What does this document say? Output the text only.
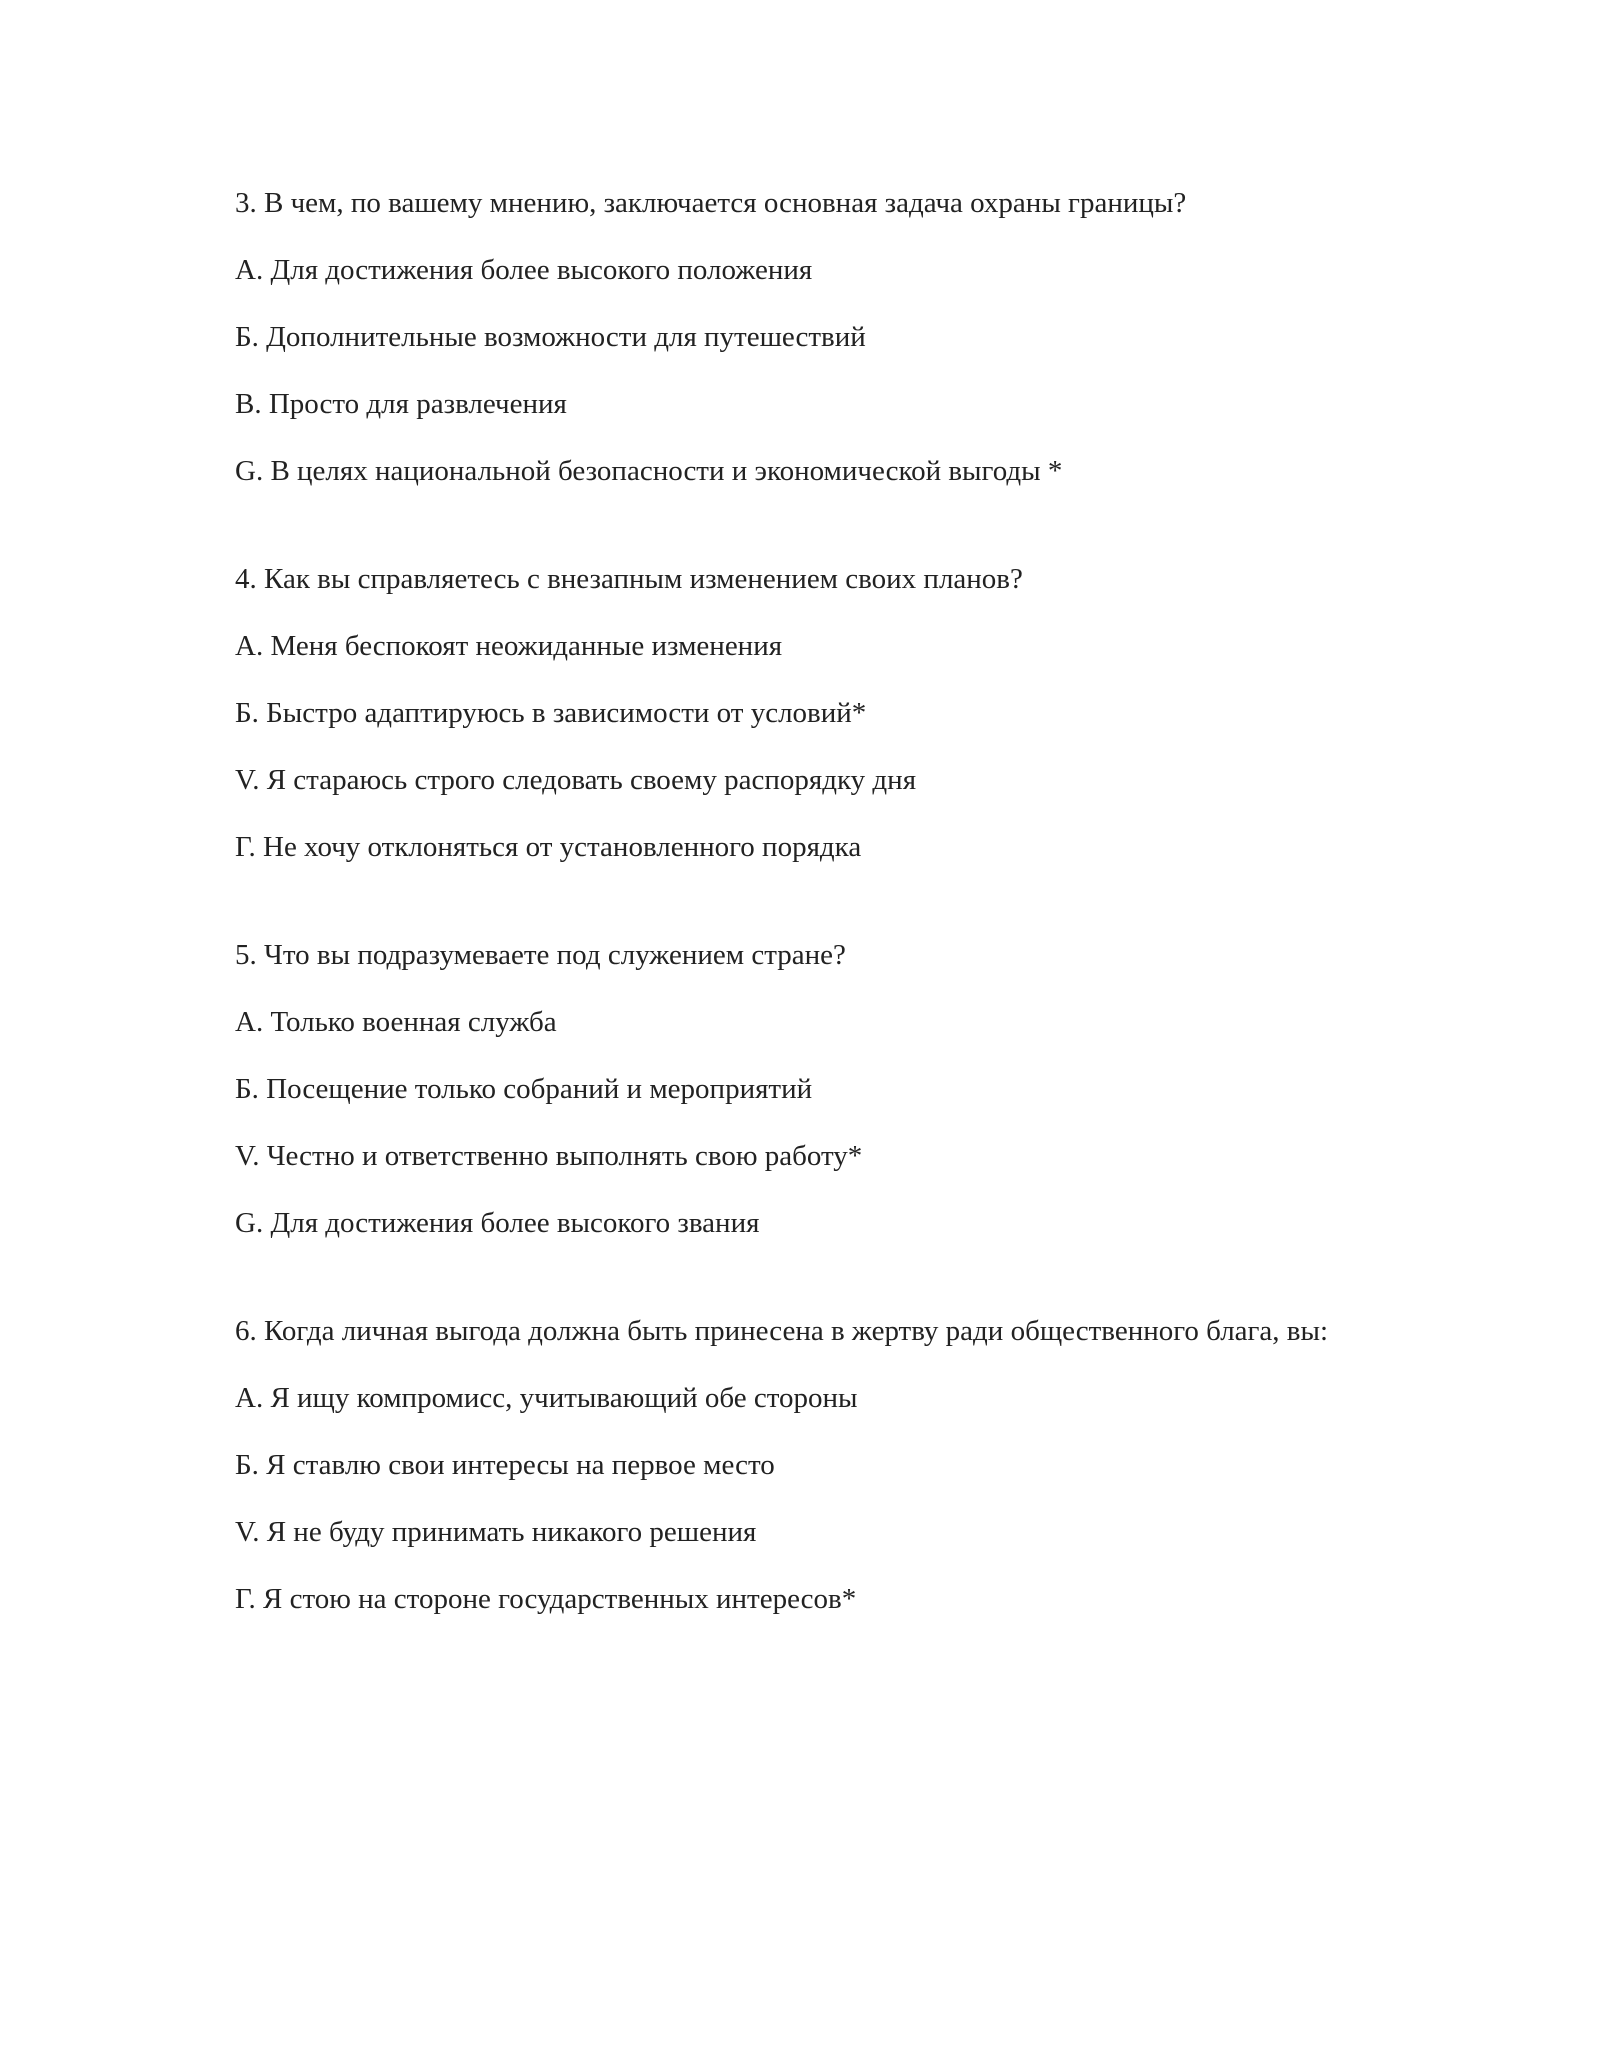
3. В чем, по вашему мнению, заключается основная задача охраны границы?

А. Для достижения более высокого положения

Б. Дополнительные возможности для путешествий

В. Просто для развлечения

G. В целях национальной безопасности и экономической выгоды *

4. Как вы справляетесь с внезапным изменением своих планов?

А. Меня беспокоят неожиданные изменения

Б. Быстро адаптируюсь в зависимости от условий*

V. Я стараюсь строго следовать своему распорядку дня

Г. Не хочу отклоняться от установленного порядка

5. Что вы подразумеваете под служением стране?

А. Только военная служба

Б. Посещение только собраний и мероприятий

V. Честно и ответственно выполнять свою работу*

G. Для достижения более высокого звания

6. Когда личная выгода должна быть принесена в жертву ради общественного блага, вы:

А. Я ищу компромисс, учитывающий обе стороны

Б. Я ставлю свои интересы на первое место

V. Я не буду принимать никакого решения

Г. Я стою на стороне государственных интересов*
